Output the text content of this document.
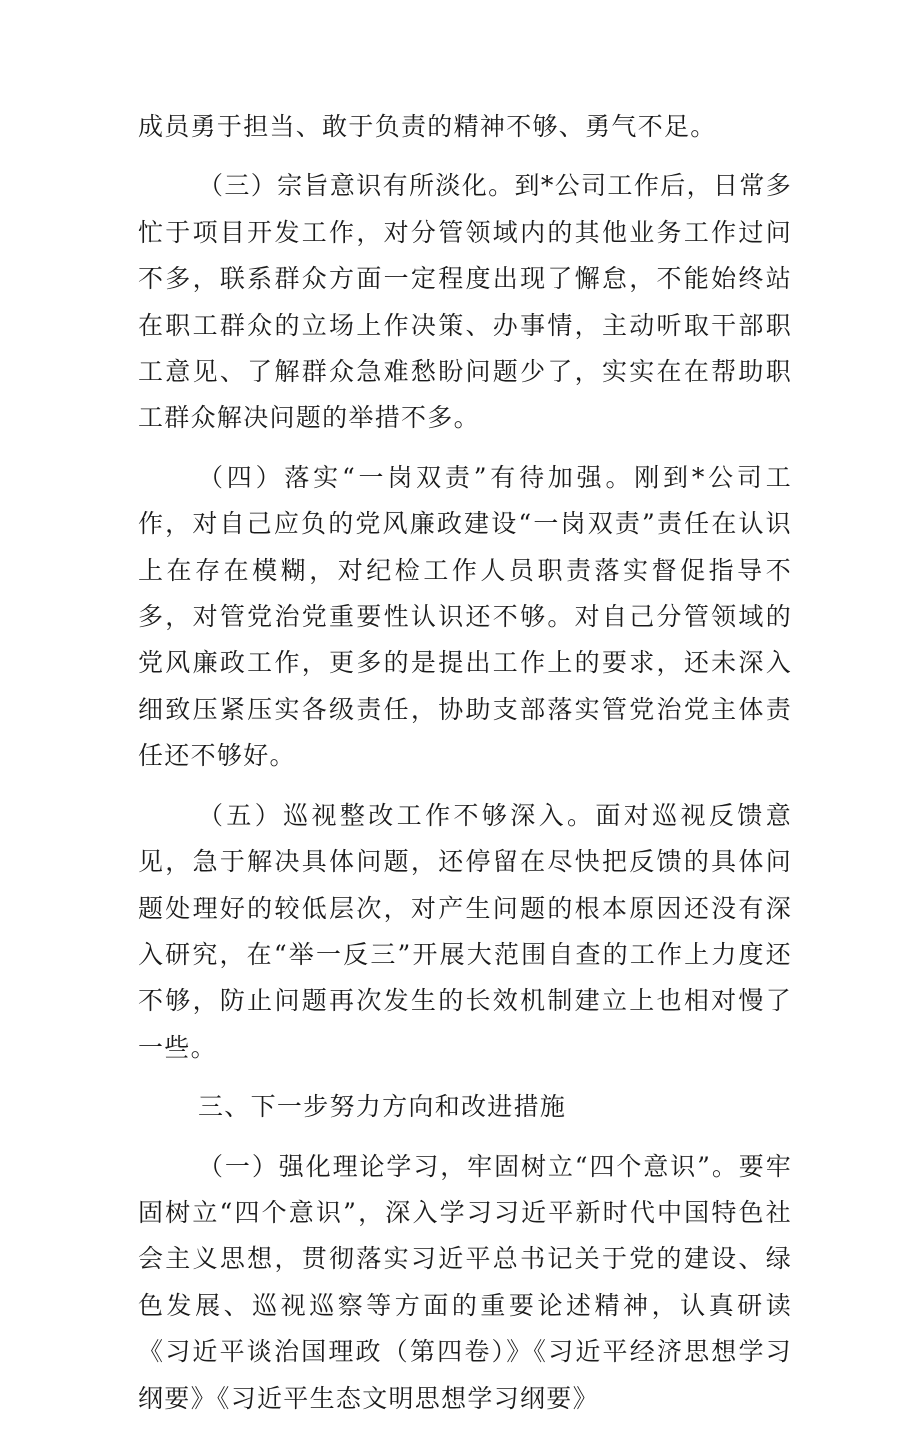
成员勇于担当、敢于负责的精神不够、勇气不足。

（三）宗旨意识有所淡化。到*公司工作后，日常多忙于项目开发工作，对分管领域内的其他业务工作过问不多，联系群众方面一定程度出现了懈怠，不能始终站在职工群众的立场上作决策、办事情，主动听取干部职工意见、了解群众急难愁盼问题少了，实实在在帮助职工群众解决问题的举措不多。

（四）落实“一岗双责”有待加强。刚到*公司工作，对自己应负的党风廉政建设“一岗双责”责任在认识上在存在模糊，对纪检工作人员职责落实督促指导不多，对管党治党重要性认识还不够。对自己分管领域的党风廉政工作，更多的是提出工作上的要求，还未深入细致压紧压实各级责任，协助支部落实管党治党主体责任还不够好。

（五）巡视整改工作不够深入。面对巡视反馈意见，急于解决具体问题，还停留在尽快把反馈的具体问题处理好的较低层次，对产生问题的根本原因还没有深入研究，在“举一反三”开展大范围自查的工作上力度还不够，防止问题再次发生的长效机制建立上也相对慢了一些。

三、下一步努力方向和改进措施

（一）强化理论学习，牢固树立“四个意识”。要牢固树立“四个意识”，深入学习习近平新时代中国特色社会主义思想，贯彻落实习近平总书记关于党的建设、绿色发展、巡视巡察等方面的重要论述精神，认真研读《习近平谈治国理政（第四卷）》《习近平经济思想学习纲要》《习近平生态文明思想学习纲要》
